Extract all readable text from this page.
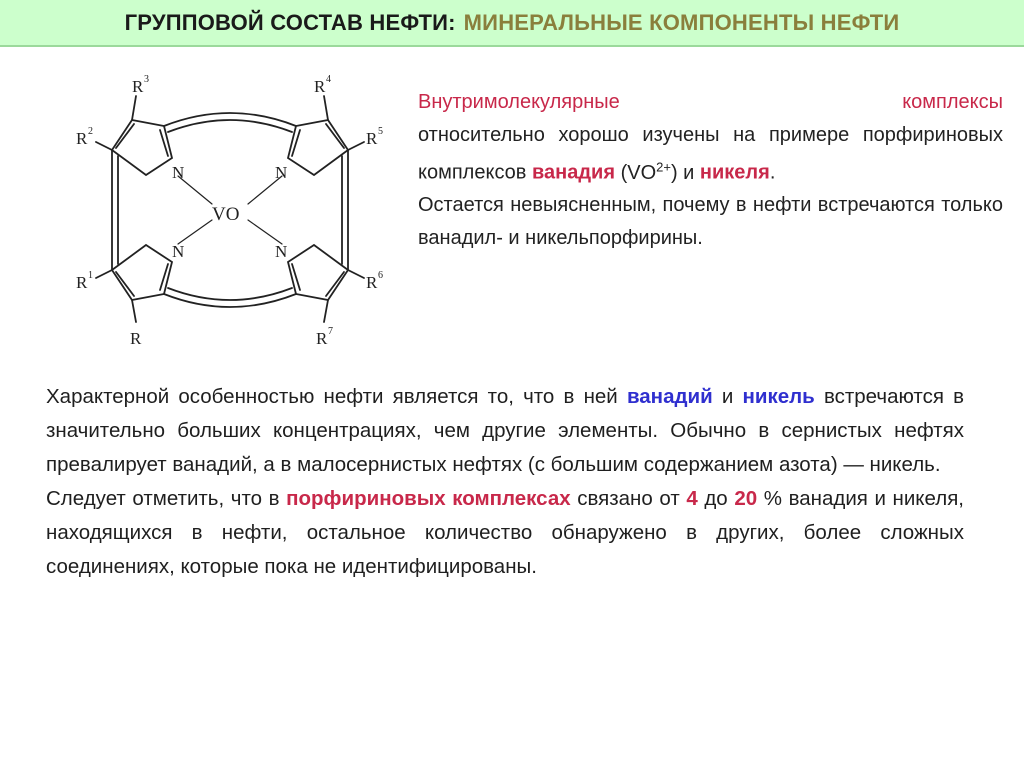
ГРУППОВОЙ СОСТАВ НЕФТИ: МИНЕРАЛЬНЫЕ КОМПОНЕНТЫ НЕФТИ
N	N
N	N
VO
R 3	R 4
R 2	R 5
R 1	R 6
R	R 7

Внутримолекулярные	комплексы относительно хорошо изучены на примере порфириновых комплексов ванадия $(VO^{2+})$ и никеля.

Остается невыясненным, почему в нефти встречаются только ванадил- и никельпорфирины.

Характерной особенностью нефти является то, что в ней ванадий и никель встречаются в значительно больших концентрациях, чем другие элементы. Обычно в сернистых нефтях превалирует ванадий, а в малосернистых нефтях (с большим содержанием азота) — никель.

Следует отметить, что в порфириновых комплексах связано от 4 до 20 % ванадия и никеля, находящихся в нефти, остальное количество обнаружено в других, более сложных соединениях, которые пока не идентифицированы.
